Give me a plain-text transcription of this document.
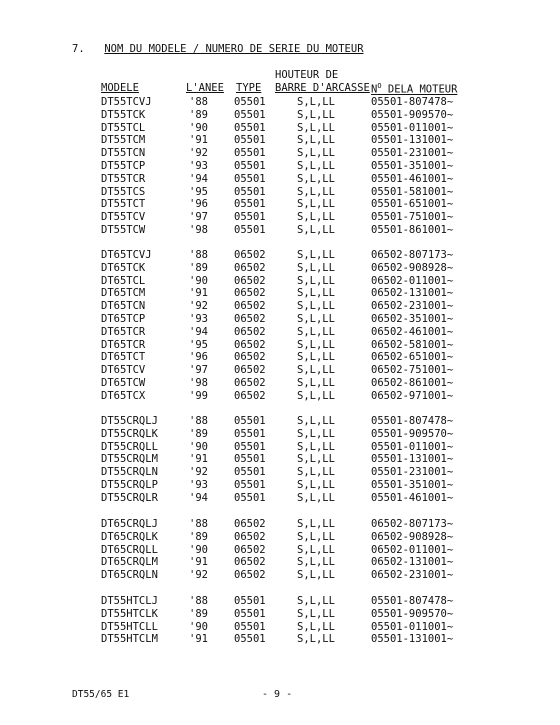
7. NOM DU MODELE / NUMERO DE SERIE DU MOTEUR
MODELE	L'ANEE TYPE
HOUTEUR DE
BARRE D'ARCASSE $N^O$ DELA MOTEUR
DT55TCVJ	'88 05501	S,L,LL	05501-807478~
DT55TCK	'89 05501	S,L,LL	05501-909570~
DT55TCL	'90 05501	S,L,LL	05501-011001~
DT55TCM	'91 05501	S,L,LL	05501-131001~
DT55TCN	'92 05501	S,L,LL	05501-231001~
DT55TCP	'93 05501	S,L,LL	05501-351001~
DT55TCR	'94 05501	S,L,LL	05501-461001~
DT55TCS	'95 05501	S,L,LL	05501-581001~
DT55TCT	'96 05501	S,L,LL	05501-651001~
DT55TCV	'97 05501	S,L,LL	05501-751001~
DT55TCW	'98 05501	S,L,LL	05501-861001~
DT65TCVJ	'88 06502	S,L,LL	06502-807173~
DT65TCK	'89 06502	S,L,LL	06502-908928~
DT65TCL	'90 06502	S,L,LL	06502-011001~
DT65TCM	'91 06502	S,L,LL	06502-131001~
DT65TCN	'92 06502	S,L,LL	06502-231001~
DT65TCP	'93 06502	S,L,LL	06502-351001~
DT65TCR	'94 06502	S,L,LL	06502-461001~
DT65TCR	'95 06502	S,L,LL	06502-581001~
DT65TCT	'96 06502	S,L,LL	06502-651001~
DT65TCV	'97 06502	S,L,LL	06502-751001~
DT65TCW	'98 06502	S,L,LL	06502-861001~
DT65TCX	'99 06502	S,L,LL	06502-971001~
DT55CRQLJ	'88 05501	S,L,LL	05501-807478~
DT55CRQLK	'89 05501	S,L,LL	05501-909570~
DT55CRQLL	'90 05501	S,L,LL	05501-011001~
DT55CRQLM	'91 05501	S,L,LL	05501-131001~
DT55CRQLN	'92 05501	S,L,LL	05501-231001~
DT55CRQLP	'93 05501	S,L,LL	05501-351001~
DT55CRQLR	'94 05501	S,L,LL	05501-461001~
DT65CRQLJ	'88 06502	S,L,LL	06502-807173~
DT65CRQLK	'89 06502	S,L,LL	06502-908928~
DT65CRQLL	'90 06502	S,L,LL	06502-011001~
DT65CRQLM	'91 06502	S,L,LL	06502-131001~
DT65CRQLN	'92 06502	S,L,LL	06502-231001~
DT55HTCLJ	'88 05501	S,L,LL	05501-807478~
DT55HTCLK	'89 05501	S,L,LL	05501-909570~
DT55HTCLL	'90 05501	S,L,LL	05501-011001~
DT55HTCLM	'91 05501	S,L,LL	05501-131001~
DT55/65 E1	- 9 -
